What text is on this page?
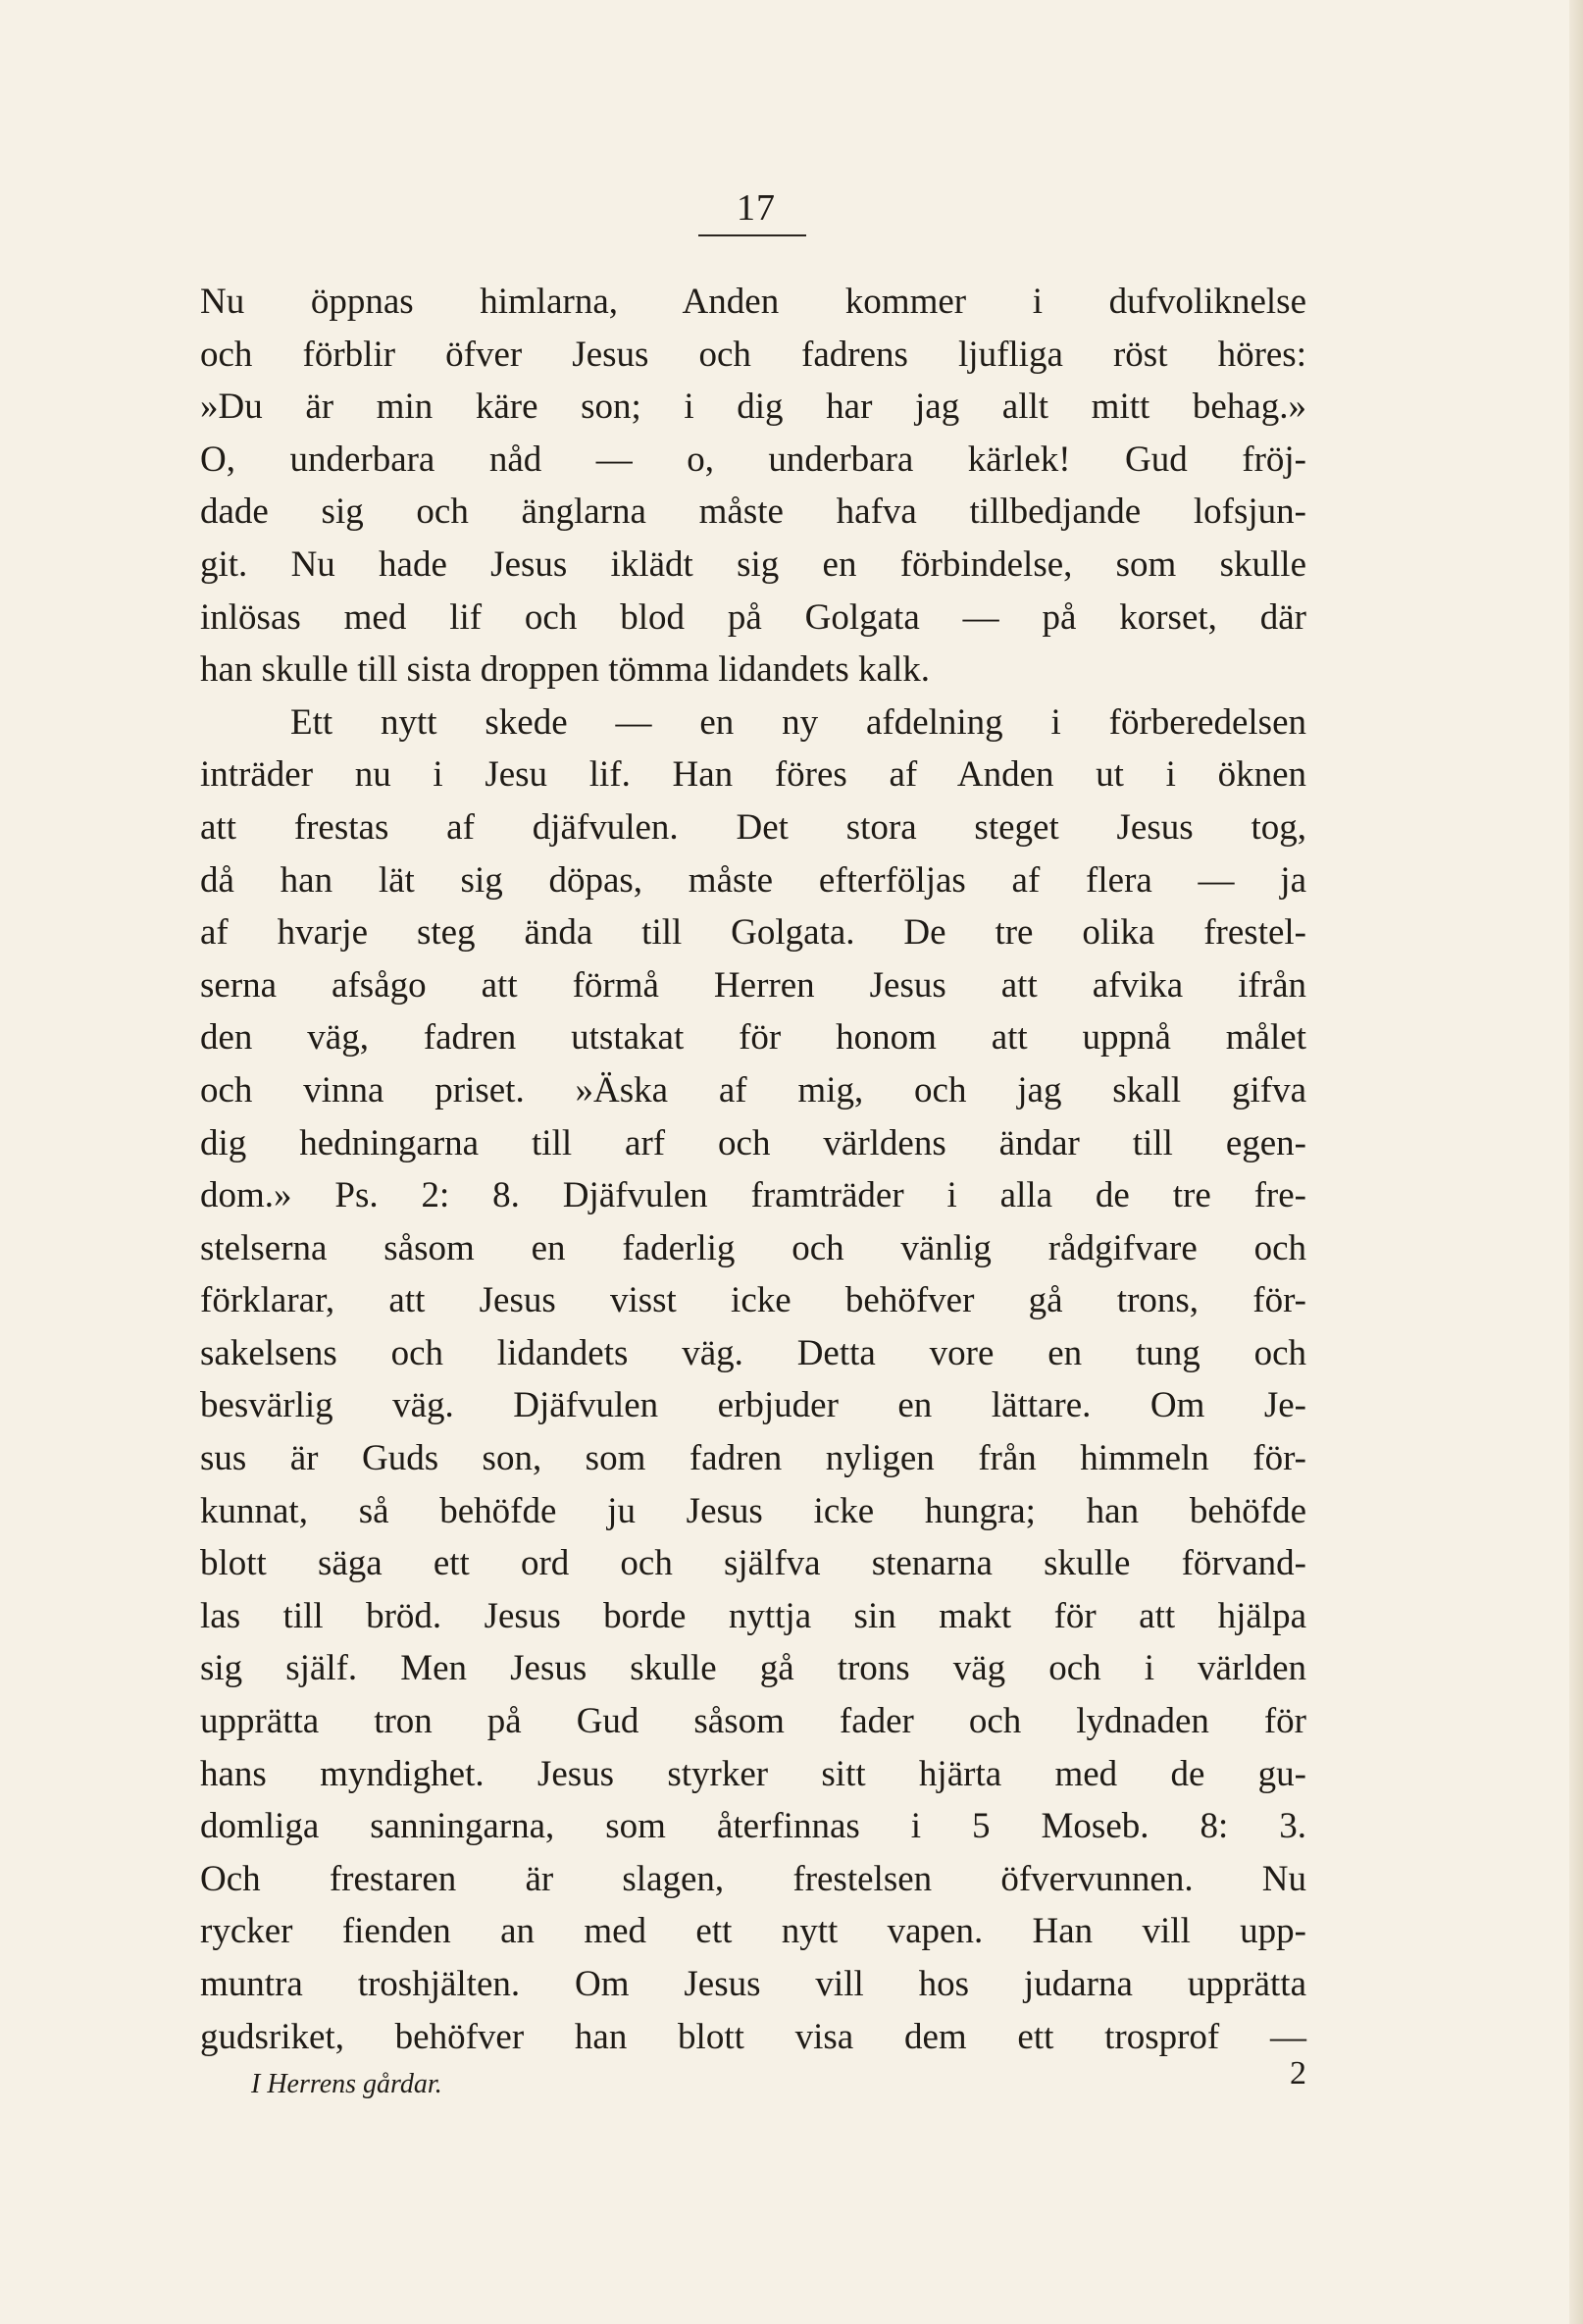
17
Nu öppnas himlarna, Anden kommer i dufvoliknelse
och förblir öfver Jesus och fadrens ljufliga röst höres:
»Du är min käre son; i dig har jag allt mitt behag.»
O, underbara nåd — o, underbara kärlek! Gud fröj-
dade sig och änglarna måste hafva tillbedjande lofsjun-
git. Nu hade Jesus iklädt sig en förbindelse, som skulle
inlösas med lif och blod på Golgata — på korset, där
han skulle till sista droppen tömma lidandets kalk.
Ett nytt skede — en ny afdelning i förberedelsen
inträder nu i Jesu lif. Han föres af Anden ut i öknen
att frestas af djäfvulen. Det stora steget Jesus tog,
då han lät sig döpas, måste efterföljas af flera — ja
af hvarje steg ända till Golgata. De tre olika frestel-
serna afsågo att förmå Herren Jesus att afvika ifrån
den väg, fadren utstakat för honom att uppnå målet
och vinna priset. »Äska af mig, och jag skall gifva
dig hedningarna till arf och världens ändar till egen-
dom.» Ps. 2: 8. Djäfvulen framträder i alla de tre fre-
stelserna såsom en faderlig och vänlig rådgifvare och
förklarar, att Jesus visst icke behöfver gå trons, för-
sakelsens och lidandets väg. Detta vore en tung och
besvärlig väg. Djäfvulen erbjuder en lättare. Om Je-
sus är Guds son, som fadren nyligen från himmeln för-
kunnat, så behöfde ju Jesus icke hungra; han behöfde
blott säga ett ord och själfva stenarna skulle förvand-
las till bröd. Jesus borde nyttja sin makt för att hjälpa
sig själf. Men Jesus skulle gå trons väg och i världen
upprätta tron på Gud såsom fader och lydnaden för
hans myndighet. Jesus styrker sitt hjärta med de gu-
domliga sanningarna, som återfinnas i 5 Moseb. 8: 3.
Och frestaren är slagen, frestelsen öfvervunnen. Nu
rycker fienden an med ett nytt vapen. Han vill upp-
muntra troshjälten. Om Jesus vill hos judarna upprätta
gudsriket, behöfver han blott visa dem ett trosprof —
I Herrens gårdar.	2
